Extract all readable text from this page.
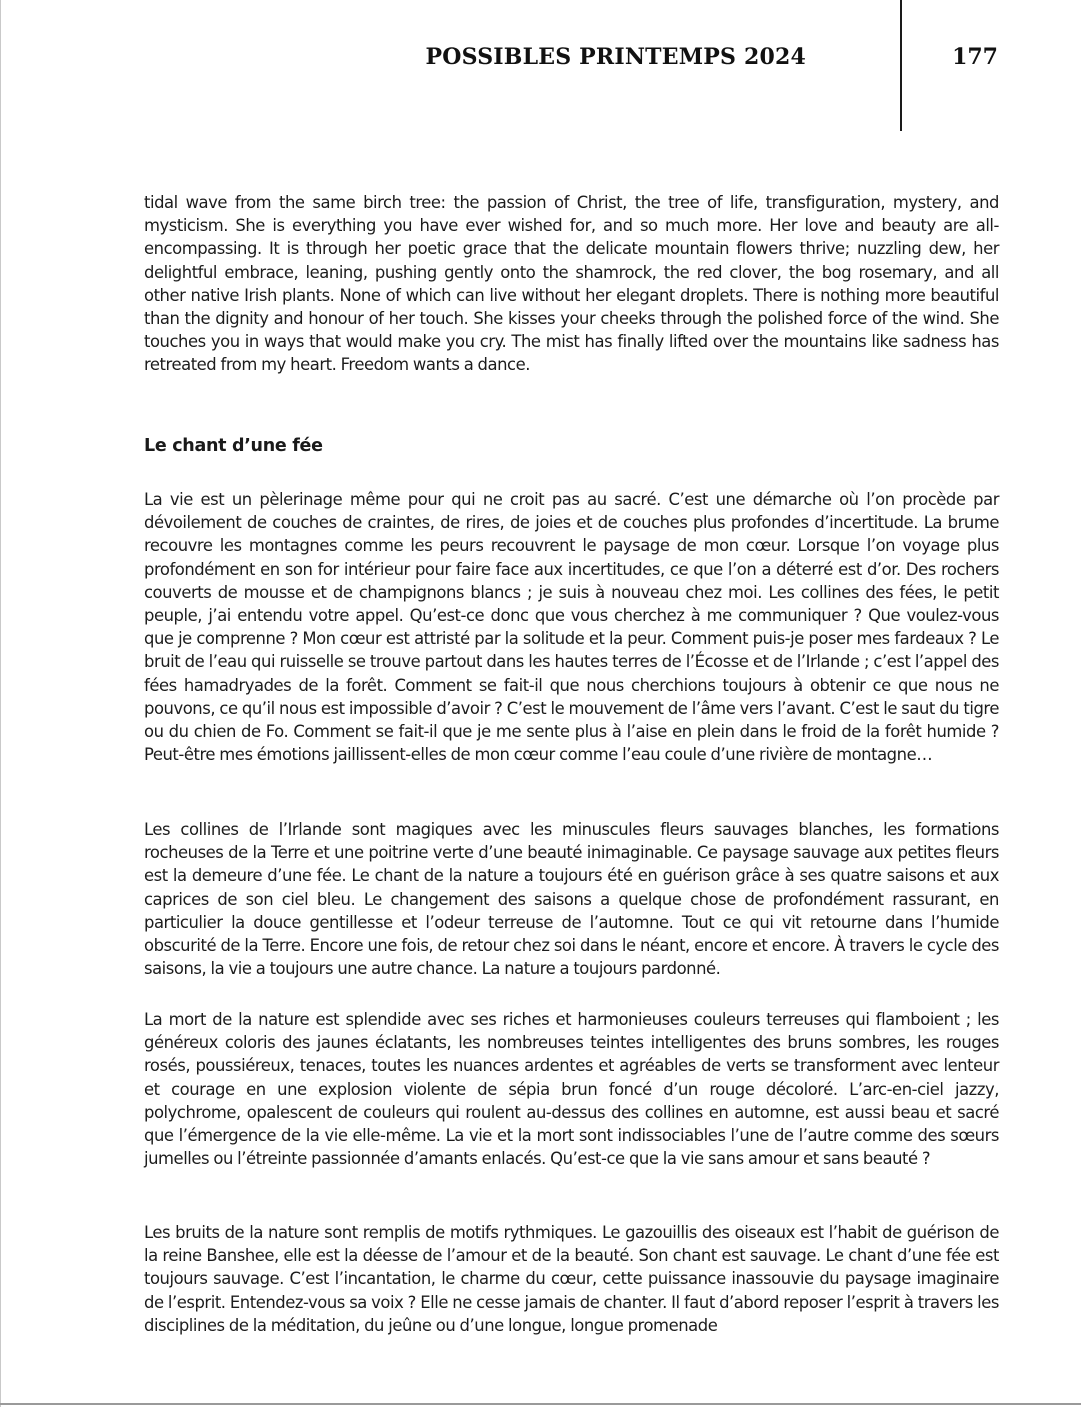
POSSIBLES PRINTEMPS 2024	177

tidal wave from the same birch tree: the passion of Christ, the tree of life, transfiguration, mystery, and mysticism. She is everything you have ever wished for, and so much more. Her love and beauty are all-encompassing. It is through her poetic grace that the delicate mountain flowers thrive; nuzzling dew, her delightful embrace, leaning, pushing gently onto the shamrock, the red clover, the bog rosemary, and all other native Irish plants. None of which can live without her elegant droplets. There is nothing more beautiful than the dignity and honour of her touch. She kisses your cheeks through the polished force of the wind. She touches you in ways that would make you cry. The mist has finally lifted over the mountains like sadness has retreated from my heart. Freedom wants a dance.

Le chant d’une fée

La vie est un pèlerinage même pour qui ne croit pas au sacré. C’est une démarche où l’on procède par dévoilement de couches de craintes, de rires, de joies et de couches plus profondes d’incertitude. La brume recouvre les montagnes comme les peurs recouvrent le paysage de mon cœur. Lorsque l’on voyage plus profondément en son for intérieur pour faire face aux incertitudes, ce que l’on a déterré est d’or. Des rochers couverts de mousse et de champignons blancs ; je suis à nouveau chez moi. Les collines des fées, le petit peuple, j’ai entendu votre appel. Qu’est-ce donc que vous cherchez à me communiquer ? Que voulez-vous que je comprenne ? Mon cœur est attristé par la solitude et la peur. Comment puis-je poser mes fardeaux ? Le bruit de l’eau qui ruisselle se trouve partout dans les hautes terres de l’Écosse et de l’Irlande ; c’est l’appel des fées hamadryades de la forêt. Comment se fait-il que nous cherchions toujours à obtenir ce que nous ne pouvons, ce qu’il nous est impossible d’avoir ? C’est le mouvement de l’âme vers l’avant. C’est le saut du tigre ou du chien de Fo. Comment se fait-il que je me sente plus à l’aise en plein dans le froid de la forêt humide ? Peut-être mes émotions jaillissent-elles de mon cœur comme l’eau coule d’une rivière de montagne…

Les collines de l’Irlande sont magiques avec les minuscules fleurs sauvages blanches, les formations rocheuses de la Terre et une poitrine verte d’une beauté inimaginable. Ce paysage sauvage aux petites fleurs est la demeure d’une fée. Le chant de la nature a toujours été en guérison grâce à ses quatre saisons et aux caprices de son ciel bleu. Le changement des saisons a quelque chose de profondément rassurant, en particulier la douce gentillesse et l’odeur terreuse de l’automne. Tout ce qui vit retourne dans l’humide obscurité de la Terre. Encore une fois, de retour chez soi dans le néant, encore et encore. À travers le cycle des saisons, la vie a toujours une autre chance. La nature a toujours pardonné.

La mort de la nature est splendide avec ses riches et harmonieuses couleurs terreuses qui flamboient ; les généreux coloris des jaunes éclatants, les nombreuses teintes intelligentes des bruns sombres, les rouges rosés, poussiéreux, tenaces, toutes les nuances ardentes et agréables de verts se transforment avec lenteur et courage en une explosion violente de sépia brun foncé d’un rouge décoloré. L’arc-en-ciel jazzy, polychrome, opalescent de couleurs qui roulent au-dessus des collines en automne, est aussi beau et sacré que l’émergence de la vie elle-même. La vie et la mort sont indissociables l’une de l’autre comme des sœurs jumelles ou l’étreinte passionnée d’amants enlacés. Qu’est-ce que la vie sans amour et sans beauté ?

Les bruits de la nature sont remplis de motifs rythmiques. Le gazouillis des oiseaux est l’habit de guérison de la reine Banshee, elle est la déesse de l’amour et de la beauté. Son chant est sauvage. Le chant d’une fée est toujours sauvage. C’est l’incantation, le charme du cœur, cette puissance inassouvie du paysage imaginaire de l’esprit. Entendez-vous sa voix ? Elle ne cesse jamais de chanter. Il faut d’abord reposer l’esprit à travers les disciplines de la méditation, du jeûne ou d’une longue, longue promenade
